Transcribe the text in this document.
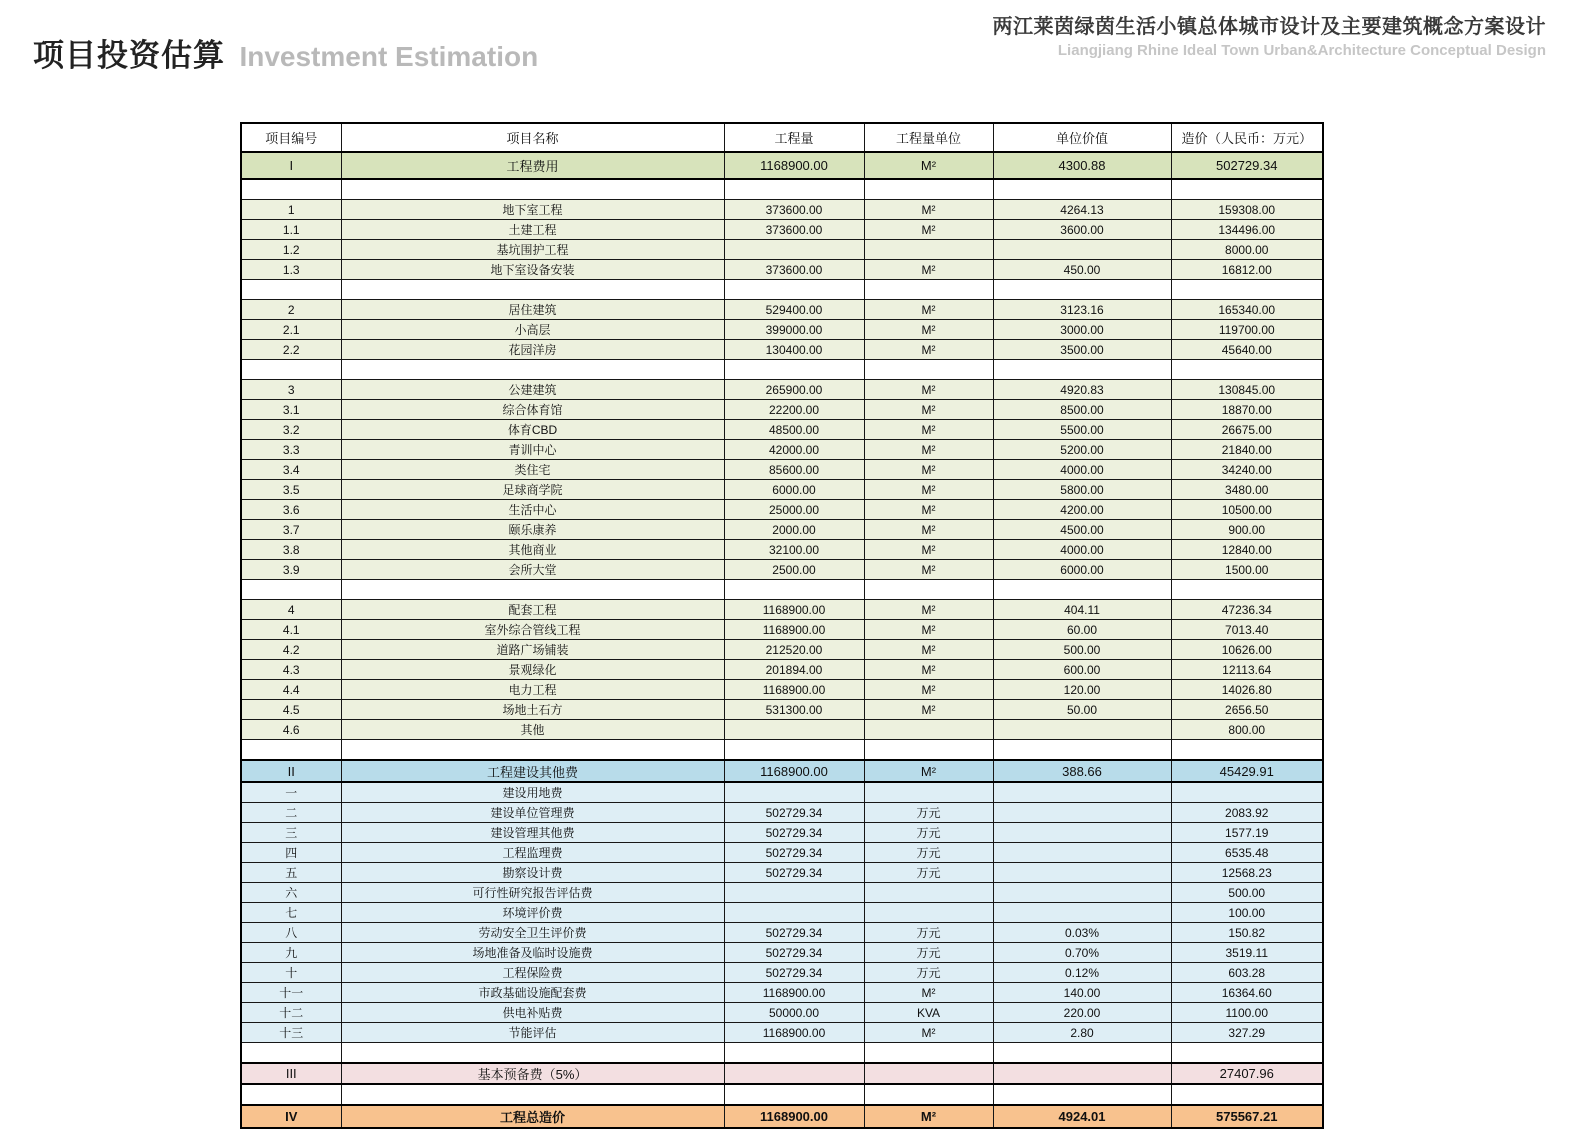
项目投资估算 Investment Estimation
两江莱茵绿茵生活小镇总体城市设计及主要建筑概念方案设计
Liangjiang Rhine Ideal Town Urban&Architecture Conceptual Design
项目编号	项目名称	工程量	工程量单位	单位价值	造价 （人民币：万元）

I	工程费用	1168900.00	M²	4300.88	502729.34

1	地下室工程	373600.00	M²	4264.13	159308.00
1.1	土建工程	373600.00	M²	3600.00	134496.00
1.2	基坑围护工程				8000.00
1.3	地下室设备安装	373600.00	M²	450.00	16812.00

2	居住建筑	529400.00	M²	3123.16	165340.00
2.1	小高层	399000.00	M²	3000.00	119700.00
2.2	花园洋房	130400.00	M²	3500.00	45640.00

3	公建建筑	265900.00	M²	4920.83	130845.00
3.1	综合体育馆	22200.00	M²	8500.00	18870.00
3.2	体育CBD	48500.00	M²	5500.00	26675.00
3.3	青训中心	42000.00	M²	5200.00	21840.00
3.4	类住宅	85600.00	M²	4000.00	34240.00
3.5	足球商学院	6000.00	M²	5800.00	3480.00
3.6	生活中心	25000.00	M²	4200.00	10500.00
3.7	颐乐康养	2000.00	M²	4500.00	900.00
3.8	其他商业	32100.00	M²	4000.00	12840.00
3.9	会所大堂	2500.00	M²	6000.00	1500.00

4	配套工程	1168900.00	M²	404.11	47236.34
4.1	室外综合管线工程	1168900.00	M²	60.00	7013.40
4.2	道路广场铺装	212520.00	M²	500.00	10626.00
4.3	景观绿化	201894.00	M²	600.00	12113.64
4.4	电力工程	1168900.00	M²	120.00	14026.80
4.5	场地土石方	531300.00	M²	50.00	2656.50
4.6	其他				800.00

II	工程建设其他费	1168900.00	M²	388.66	45429.91
一	建设用地费				
二	建设单位管理费	502729.34	万元		2083.92
三	建设管理其他费	502729.34	万元		1577.19
四	工程监理费	502729.34	万元		6535.48
五	勘察设计费	502729.34	万元		12568.23
六	可行性研究报告评估费				500.00
七	环境评价费				100.00
八	劳动安全卫生评价费	502729.34	万元	0.03%	150.82
九	场地准备及临时设施费	502729.34	万元	0.70%	3519.11
十	工程保险费	502729.34	万元	0.12%	603.28
十一	市政基础设施配套费	1168900.00	M²	140.00	16364.60
十二	供电补贴费	50000.00	KVA	220.00	1100.00
十三	节能评估	1168900.00	M²	2.80	327.29

III	基本预备费（5%）				27407.96

IV	工程总造价	1168900.00	M²	4924.01	575567.21
